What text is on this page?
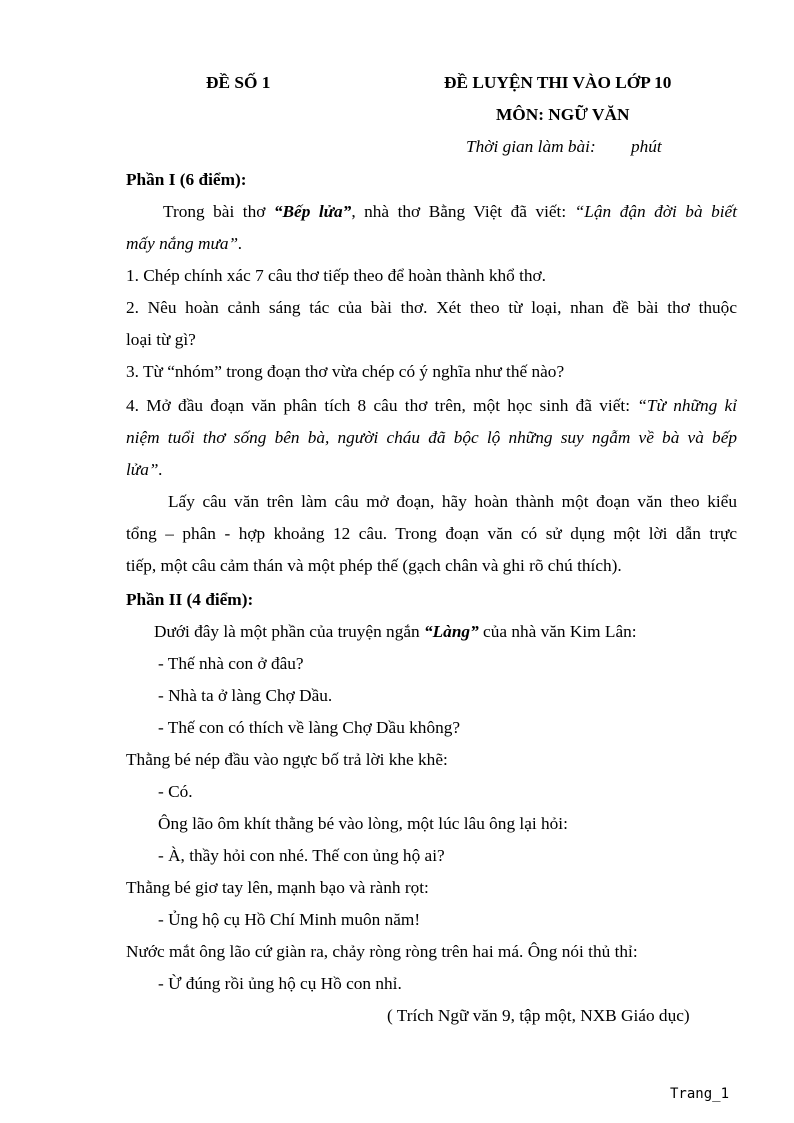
ĐỀ SỐ 1	ĐỀ LUYỆN THI VÀO LỚP 10
MÔN: NGỮ VĂN
Thời gian làm bài: phút
Phần I (6 điểm):
Trong bài thơ “Bếp lửa”, nhà thơ Bằng Việt đã viết: “Lận đận đời bà biết
mấy nắng mưa”.
1. Chép chính xác 7 câu thơ tiếp theo để hoàn thành khổ thơ.
2. Nêu hoàn cảnh sáng tác của bài thơ. Xét theo từ loại, nhan đề bài thơ thuộc
loại từ gì?
3. Từ “nhóm” trong đoạn thơ vừa chép có ý nghĩa như thế nào?
4. Mở đầu đoạn văn phân tích 8 câu thơ trên, một học sinh đã viết: “Từ những kỉ
niệm tuổi thơ sống bên bà, người cháu đã bộc lộ những suy ngẫm về bà và bếp
lửa”.
Lấy câu văn trên làm câu mở đoạn, hãy hoàn thành một đoạn văn theo kiểu
tổng – phân - hợp khoảng 12 câu. Trong đoạn văn có sử dụng một lời dẫn trực
tiếp, một câu cảm thán và một phép thế (gạch chân và ghi rõ chú thích).
Phần II (4 điểm):
Dưới đây là một phần của truyện ngắn “Làng” của nhà văn Kim Lân:
- Thế nhà con ở đâu?
- Nhà ta ở làng Chợ Dầu.
- Thế con có thích về làng Chợ Dầu không?
Thằng bé nép đầu vào ngực bố trả lời khe khẽ:
- Có.
Ông lão ôm khít thằng bé vào lòng, một lúc lâu ông lại hỏi:
- À, thầy hỏi con nhé. Thế con ủng hộ ai?
Thằng bé giơ tay lên, mạnh bạo và rành rọt:
- Ủng hộ cụ Hồ Chí Minh muôn năm!
Nước mắt ông lão cứ giàn ra, chảy ròng ròng trên hai má. Ông nói thủ thỉ:
- Ừ đúng rồi ủng hộ cụ Hồ con nhỉ.
( Trích Ngữ văn 9, tập một, NXB Giáo dục)
Trang_1
